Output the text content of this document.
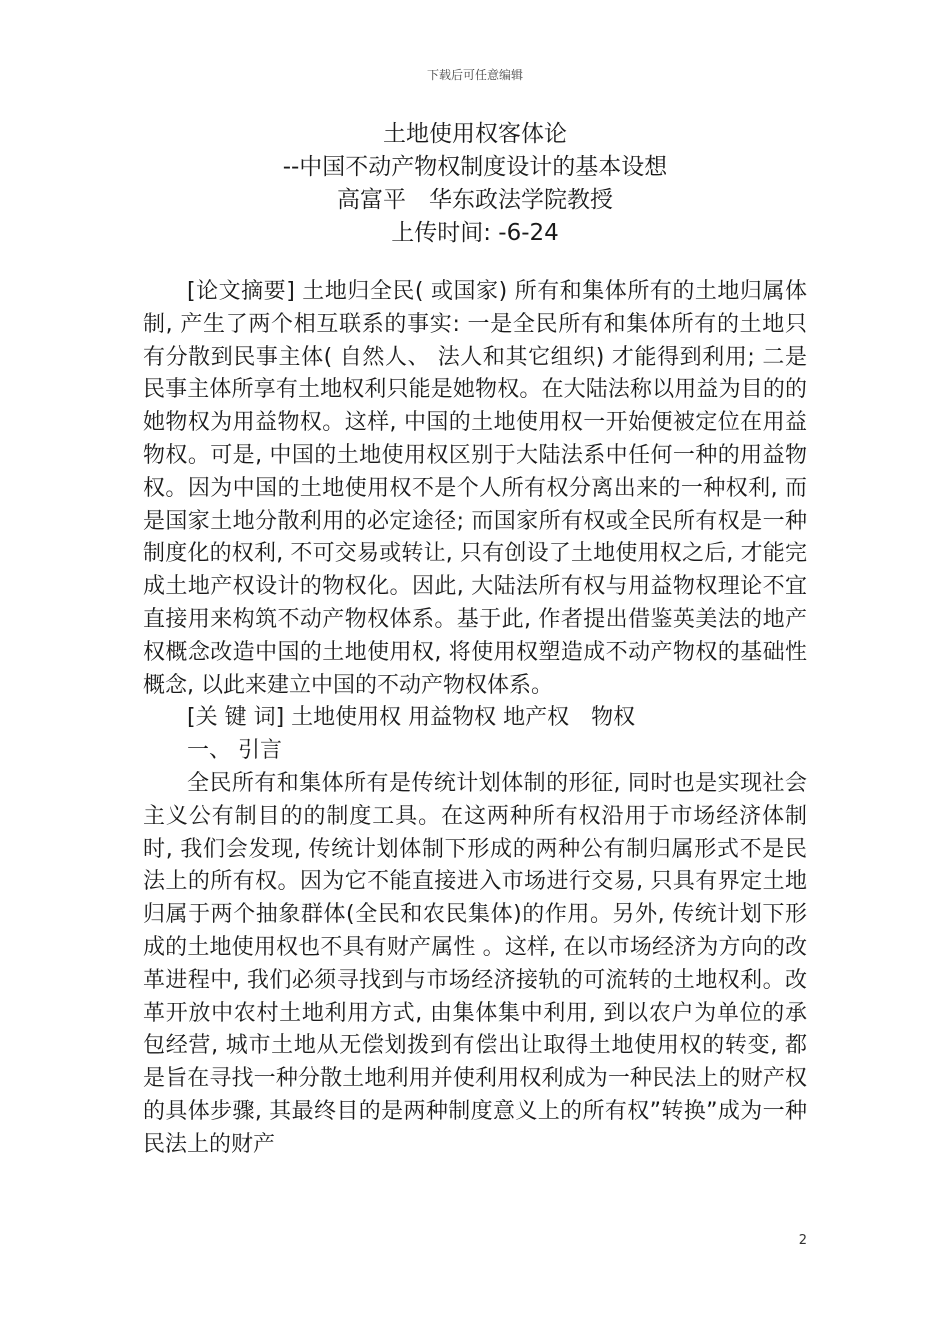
下载后可任意编辑
土地使用权客体论
--中国不动产物权制度设计的基本设想
高富平　华东政法学院教授
上传时间: -6-24

[论文摘要] 土地归全民( 或国家) 所有和集体所有的土地归属体制, 产生了两个相互联系的事实: 一是全民所有和集体所有的土地只有分散到民事主体( 自然人、 法人和其它组织) 才能得到利用; 二是民事主体所享有土地权利只能是她物权。在大陆法称以用益为目的的她物权为用益物权。这样, 中国的土地使用权一开始便被定位在用益物权。可是, 中国的土地使用权区别于大陆法系中任何一种的用益物权。因为中国的土地使用权不是个人所有权分离出来的一种权利, 而是国家土地分散利用的必定途径; 而国家所有权或全民所有权是一种制度化的权利, 不可交易或转让, 只有创设了土地使用权之后, 才能完成土地产权设计的物权化。因此, 大陆法所有权与用益物权理论不宜直接用来构筑不动产物权体系。基于此, 作者提出借鉴英美法的地产权概念改造中国的土地使用权, 将使用权塑造成不动产物权的基础性概念, 以此来建立中国的不动产物权体系。

[关 键 词] 土地使用权 用益物权 地产权　物权

一、 引言

全民所有和集体所有是传统计划体制的形征, 同时也是实现社会主义公有制目的的制度工具。在这两种所有权沿用于市场经济体制时, 我们会发现, 传统计划体制下形成的两种公有制归属形式不是民法上的所有权。因为它不能直接进入市场进行交易, 只具有界定土地归属于两个抽象群体(全民和农民集体)的作用。另外, 传统计划下形成的土地使用权也不具有财产属性 。这样, 在以市场经济为方向的改革进程中, 我们必须寻找到与市场经济接轨的可流转的土地权利。改革开放中农村土地利用方式, 由集体集中利用, 到以农户为单位的承包经营, 城市土地从无偿划拨到有偿出让取得土地使用权的转变, 都是旨在寻找一种分散土地利用并使利用权利成为一种民法上的财产权的具体步骤, 其最终目的是两种制度意义上的所有权”转换”成为一种民法上的财产

2
